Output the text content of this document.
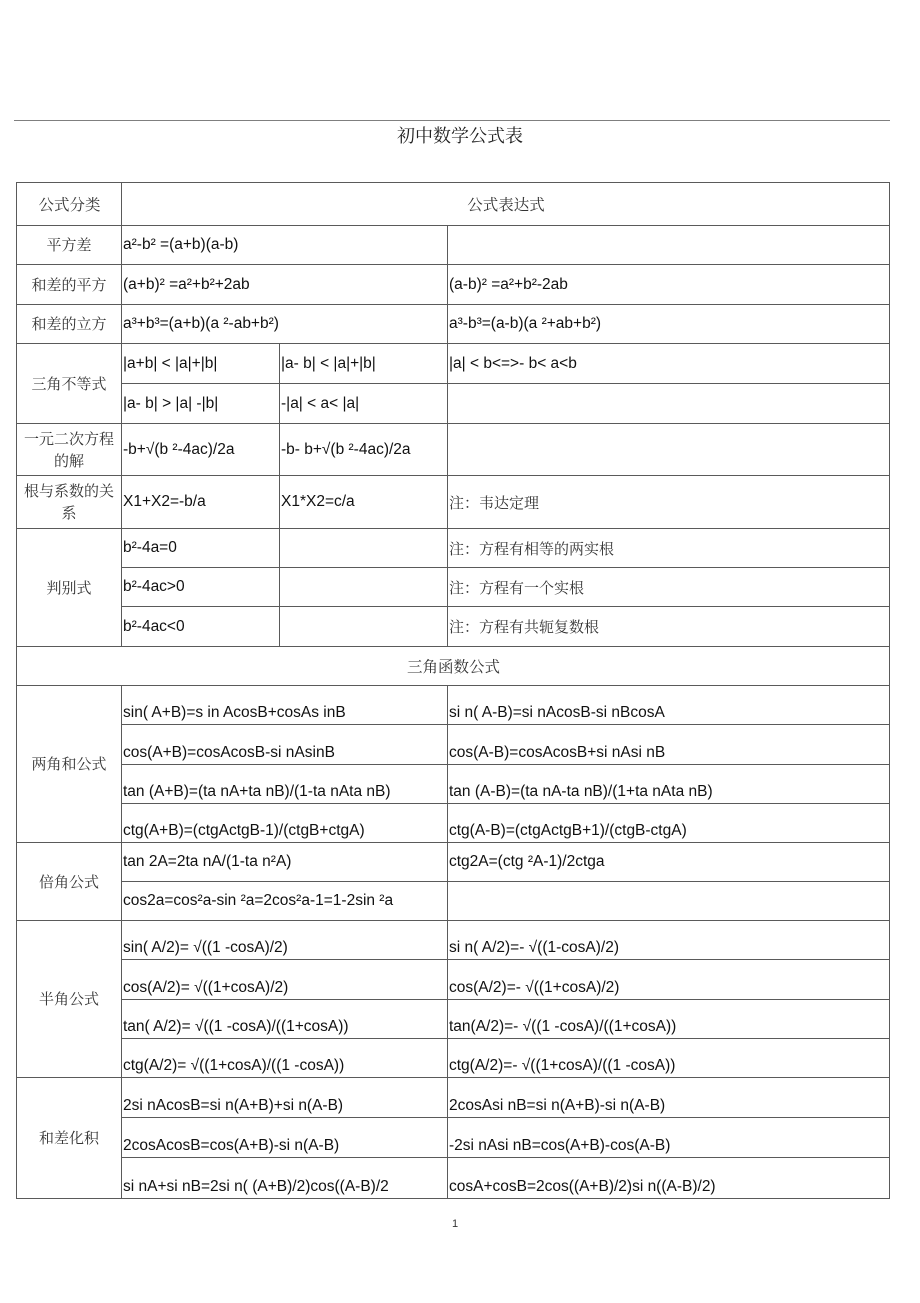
初中数学公式表
公式分类	公式表达式		
平方差	a²-b² =(a+b)(a-b)		
和差的平方	(a+b)² =a²+b²+2ab		(a-b)² =a²+b²-2ab
和差的立方	a³+b³=(a+b)(a ²-ab+b²)		a³-b³=(a-b)(a ²+ab+b²)
三角不等式	|a+b| < |a|+|b|	|a- b| < |a|+|b|	|a| < b<=>- b< a<b
	|a- b| > |a| -|b|	-|a| < a< |a|	
一元二次方程的解	-b+√(b ²-4ac)/2a	-b- b+√(b ²-4ac)/2a	
根与系数的关系	X1+X2=-b/a	X1*X2=c/a	注：韦达定理
判别式	b²-4a=0		注：方程有相等的两实根
	b²-4ac>0		注：方程有一个实根
	b²-4ac<0		注：方程有共轭复数根
三角函数公式			
两角和公式	sin( A+B)=s in AcosB+cosAs inB		si n( A-B)=si nAcosB-si nBcosA
	cos(A+B)=cosAcosB-si nAsinB		cos(A-B)=cosAcosB+si nAsi nB
	tan (A+B)=(ta nA+ta nB)/(1-ta nAta nB)		tan (A-B)=(ta nA-ta nB)/(1+ta nAta nB)
	ctg(A+B)=(ctgActgB-1)/(ctgB+ctgA)		ctg(A-B)=(ctgActgB+1)/(ctgB-ctgA)
倍角公式	tan 2A=2ta nA/(1-ta n²A)		ctg2A=(ctg ²A-1)/2ctga
	cos2a=cos²a-sin ²a=2cos²a-1=1-2sin ²a		
半角公式	sin( A/2)= √((1 -cosA)/2)		si n( A/2)=- √((1-cosA)/2)
	cos(A/2)= √((1+cosA)/2)		cos(A/2)=- √((1+cosA)/2)
	tan( A/2)= √((1 -cosA)/((1+cosA))		tan(A/2)=- √((1 -cosA)/((1+cosA))
	ctg(A/2)= √((1+cosA)/((1 -cosA))		ctg(A/2)=- √((1+cosA)/((1 -cosA))
和差化积	2si nAcosB=si n(A+B)+si n(A-B)		2cosAsi nB=si n(A+B)-si n(A-B)
	2cosAcosB=cos(A+B)-si n(A-B)		-2si nAsi nB=cos(A+B)-cos(A-B)
	si nA+si nB=2si n( (A+B)/2)cos((A-B)/2		cosA+cosB=2cos((A+B)/2)si n((A-B)/2)
1
